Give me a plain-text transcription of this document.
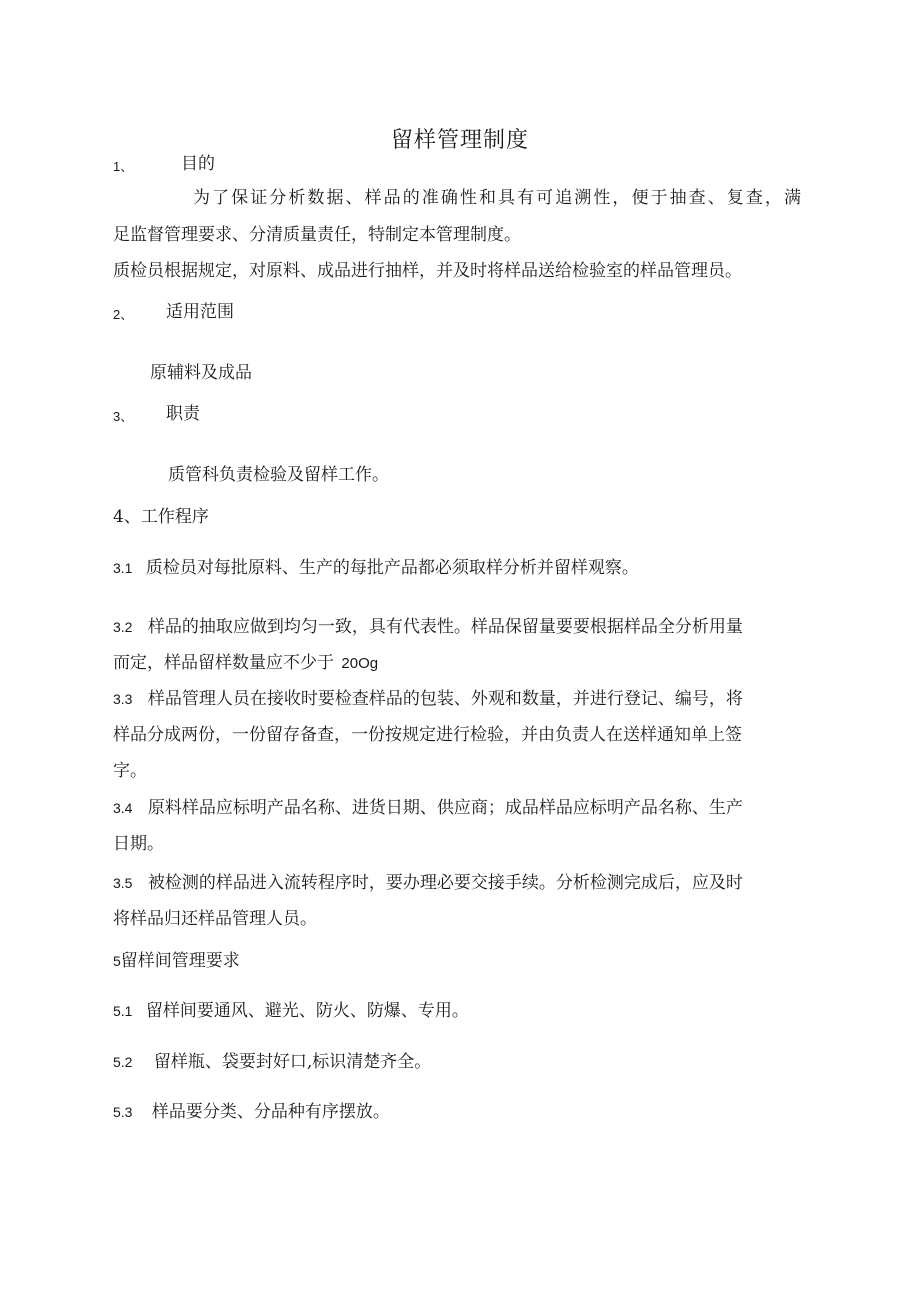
留样管理制度
1、	目的
为了保证分析数据、样品的准确性和具有可追溯性，便于抽查、复查，满
足监督管理要求、分清质量责任，特制定本管理制度。
质检员根据规定，对原料、成品进行抽样，并及时将样品送给检验室的样品管理员。
2、 适用范围
原辅料及成品
3、 职责
质管科负责检验及留样工作。
4、工作程序
3.1 质检员对每批原料、生产的每批产品都必须取样分析并留样观察。
3.2 样品的抽取应做到均匀一致，具有代表性。样品保留量要要根据样品全分析用量
而定，样品留样数量应不少于 20Og
3.3 样品管理人员在接收时要检查样品的包装、外观和数量，并进行登记、编号，将
样品分成两份，一份留存备查，一份按规定进行检验，并由负责人在送样通知单上签
字。
3.4 原料样品应标明产品名称、进货日期、供应商；成品样品应标明产品名称、生产
日期。
3.5 被检测的样品进入流转程序时，要办理必要交接手续。分析检测完成后，应及时
将样品归还样品管理人员。
5留样间管理要求
5.1 留样间要通风、避光、防火、防爆、专用。
5.2 留样瓶、袋要封好口,标识清楚齐全。
5.3 样品要分类、分品种有序摆放。
